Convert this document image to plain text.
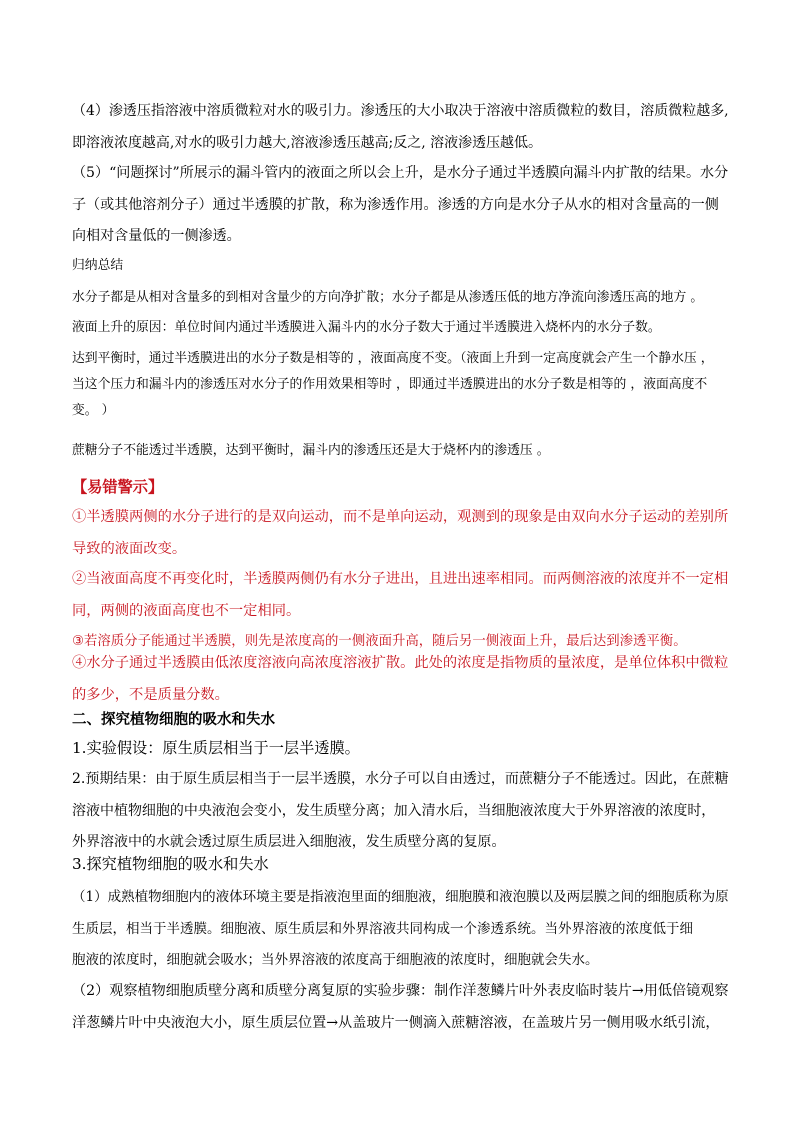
（4）渗透压指溶液中溶质微粒对水的吸引力。渗透压的大小取决于溶液中溶质微粒的数目，溶质微粒越多,
即溶液浓度越高,对水的吸引力越大,溶液渗透压越高;反之, 溶液渗透压越低。

（5）“问题探讨”所展示的漏斗管内的液面之所以会上升，是水分子通过半透膜向漏斗内扩散的结果。水分
子（或其他溶剂分子）通过半透膜的扩散，称为渗透作用。渗透的方向是水分子从水的相对含量高的一侧
向相对含量低的一侧渗透。

归纳总结

水分子都是从相对含量多的到相对含量少的方向净扩散；水分子都是从渗透压低的地方净流向渗透压高的地方 。

液面上升的原因：单位时间内通过半透膜进入漏斗内的水分子数大于通过半透膜进入烧杯内的水分子数。

达到平衡时，通过半透膜进出的水分子数是相等的 ，液面高度不变。（液面上升到一定高度就会产生一个静水压 ，
当这个压力和漏斗内的渗透压对水分子的作用效果相等时 ，即通过半透膜进出的水分子数是相等的 ，液面高度不
变。 ）

蔗糖分子不能透过半透膜，达到平衡时，漏斗内的渗透压还是大于烧杯内的渗透压 。

【易错警示】

①半透膜两侧的水分子进行的是双向运动，而不是单向运动，观测到的现象是由双向水分子运动的差别所
导致的液面改变。

②当液面高度不再变化时，半透膜两侧仍有水分子进出，且进出速率相同。而两侧溶液的浓度并不一定相
同，两侧的液面高度也不一定相同。

③若溶质分子能通过半透膜，则先是浓度高的一侧液面升高，随后另一侧液面上升，最后达到渗透平衡。

④水分子通过半透膜由低浓度溶液向高浓度溶液扩散。此处的浓度是指物质的量浓度，是单位体积中微粒
的多少，不是质量分数。

二、探究植物细胞的吸水和失水

1.实验假设：原生质层相当于一层半透膜。

2.预期结果：由于原生质层相当于一层半透膜，水分子可以自由透过，而蔗糖分子不能透过。因此，在蔗糖
溶液中植物细胞的中央液泡会变小，发生质壁分离；加入清水后，当细胞液浓度大于外界溶液的浓度时，
外界溶液中的水就会透过原生质层进入细胞液，发生质壁分离的复原。

3.探究植物细胞的吸水和失水

（1）成熟植物细胞内的液体环境主要是指液泡里面的细胞液，细胞膜和液泡膜以及两层膜之间的细胞质称为原
生质层，相当于半透膜。细胞液、原生质层和外界溶液共同构成一个渗透系统。当外界溶液的浓度低于细
胞液的浓度时，细胞就会吸水；当外界溶液的浓度高于细胞液的浓度时，细胞就会失水。

（2）观察植物细胞质壁分离和质壁分离复原的实验步骤：制作洋葱鳞片叶外表皮临时装片→用低倍镜观察
洋葱鳞片叶中央液泡大小，原生质层位置→从盖玻片一侧滴入蔗糖溶液，在盖玻片另一侧用吸水纸引流，
